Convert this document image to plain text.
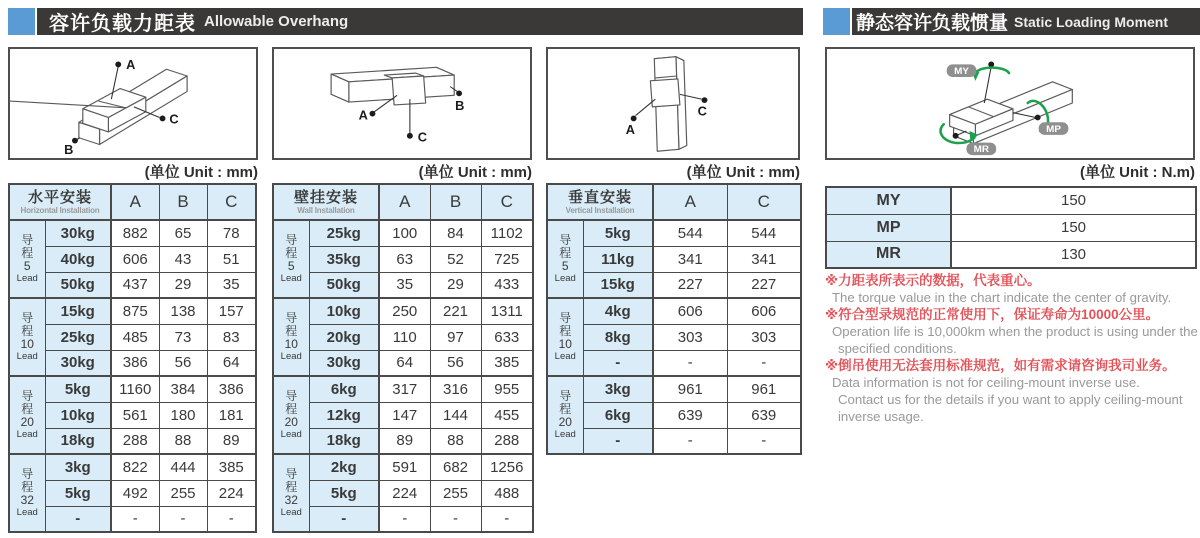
容许负载力距表 Allowable Overhang	静态容许负载惯量 Static Loading Moment
A
B
C	A
C
B
A
C
MY
MP
MR
(单位 Unit : mm)	(单位 Unit : mm)	(单位 Unit : mm)	(单位 Unit : N.m)
水平安装
Horizontal Installation		A	B	C

导
程
5
Lead	30kg	882	65	78
	40kg	606	43	51
	50kg	437	29	35

导
程
10
Lead	15kg	875	138	157
	25kg	485	73	83
	30kg	386	56	64

导
程
20
Lead	5kg	1160	384	386
	10kg	561	180	181
	18kg	288	88	89

导
程
32
Lead	3kg	822	444	385
	5kg	492	255	224
	-	-	-	-
壁挂安装
Wall Installation		A	B	C

导
程
5
Lead	25kg	100	84	1102
	35kg	63	52	725
	50kg	35	29	433

导
程
10
Lead	10kg	250	221	1311
	20kg	110	97	633
	30kg	64	56	385

导
程
20
Lead	6kg	317	316	955
	12kg	147	144	455
	18kg	89	88	288

导
程
32
Lead	2kg	591	682	1256
	5kg	224	255	488
	-	-	-	-
垂直安装
Vertical Installation		A	C

导
程
5
Lead	5kg	544	544
	11kg	341	341
	15kg	227	227

导
程
10
Lead	4kg	606	606
	8kg	303	303
	-	-	-

导
程
20
Lead	3kg	961	961
	6kg	639	639
	-	-	-
MY	150
MP	150
MR	130
※力距表所表示的数据，代表重心。
The torque value in the chart indicate the center of gravity.
※符合型录规范的正常使用下，保证寿命为10000公里。
Operation life is 10,000km when the product is using under the
specified conditions.
※倒吊使用无法套用标准规范，如有需求请咨询我司业务。
Data information is not for ceiling-mount inverse use.
Contact us for the details if you want to apply ceiling-mount
inverse usage.
